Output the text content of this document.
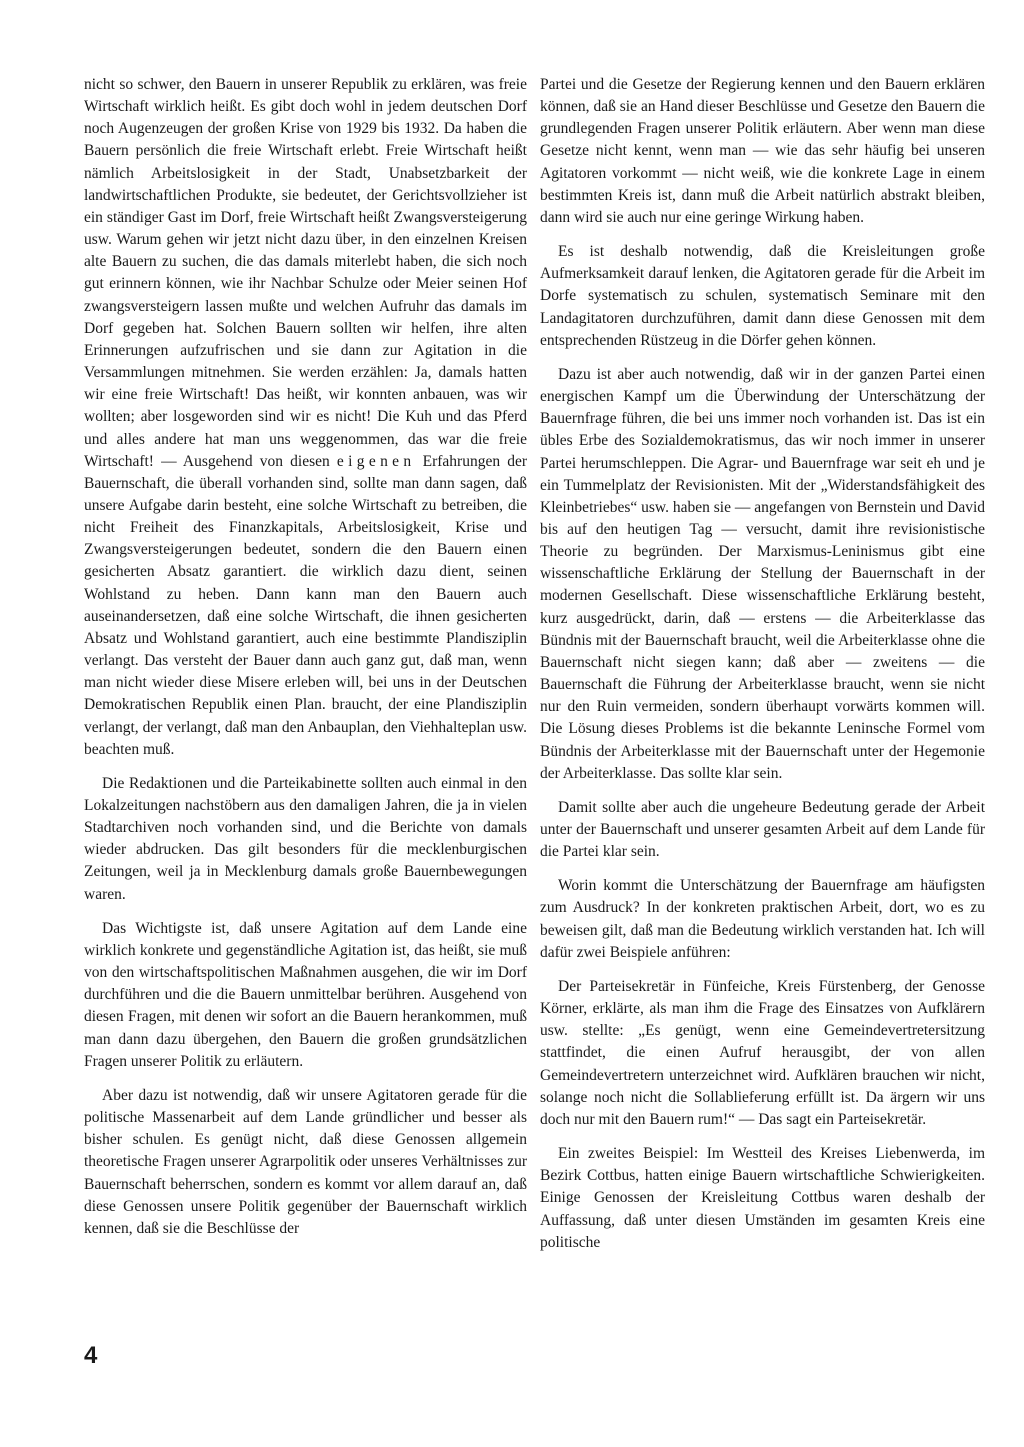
nicht so schwer, den Bauern in unserer Republik zu erklären, was freie Wirtschaft wirklich heißt. Es gibt doch wohl in jedem deutschen Dorf noch Augenzeugen der großen Krise von 1929 bis 1932. Da haben die Bauern persönlich die freie Wirtschaft erlebt. Freie Wirtschaft heißt nämlich Arbeitslosigkeit in der Stadt, Unabsetzbarkeit der landwirtschaftlichen Produkte, sie bedeutet, der Gerichtsvollzieher ist ein ständiger Gast im Dorf, freie Wirtschaft heißt Zwangsversteigerung usw. Warum gehen wir jetzt nicht dazu über, in den einzelnen Kreisen alte Bauern zu suchen, die das damals miterlebt haben, die sich noch gut erinnern können, wie ihr Nachbar Schulze oder Meier seinen Hof zwangsversteigern lassen mußte und welchen Aufruhr das damals im Dorf gegeben hat. Solchen Bauern sollten wir helfen, ihre alten Erinnerungen aufzufrischen und sie dann zur Agitation in die Versammlungen mitnehmen. Sie werden erzählen: Ja, damals hatten wir eine freie Wirtschaft! Das heißt, wir konnten anbauen, was wir wollten; aber losgeworden sind wir es nicht! Die Kuh und das Pferd und alles andere hat man uns weggenommen, das war die freie Wirtschaft! — Ausgehend von diesen eigenen Erfahrungen der Bauernschaft, die überall vorhanden sind, sollte man dann sagen, daß unsere Aufgabe darin besteht, eine solche Wirtschaft zu betreiben, die nicht Freiheit des Finanzkapitals, Arbeitslosigkeit, Krise und Zwangsversteigerungen bedeutet, sondern die den Bauern einen gesicherten Absatz garantiert. die wirklich dazu dient, seinen Wohlstand zu heben. Dann kann man den Bauern auch auseinandersetzen, daß eine solche Wirtschaft, die ihnen gesicherten Absatz und Wohlstand garantiert, auch eine bestimmte Plandisziplin verlangt. Das versteht der Bauer dann auch ganz gut, daß man, wenn man nicht wieder diese Misere erleben will, bei uns in der Deutschen Demokratischen Republik einen Plan. braucht, der eine Plandisziplin verlangt, der verlangt, daß man den Anbauplan, den Viehhalteplan usw. beachten muß.

Die Redaktionen und die Parteikabinette sollten auch einmal in den Lokalzeitungen nachstöbern aus den damaligen Jahren, die ja in vielen Stadtarchiven noch vorhanden sind, und die Berichte von damals wieder abdrucken. Das gilt besonders für die mecklenburgischen Zeitungen, weil ja in Mecklenburg damals große Bauernbewegungen waren.

Das Wichtigste ist, daß unsere Agitation auf dem Lande eine wirklich konkrete und gegenständliche Agitation ist, das heißt, sie muß von den wirtschaftspolitischen Maßnahmen ausgehen, die wir im Dorf durchführen und die die Bauern unmittelbar berühren. Ausgehend von diesen Fragen, mit denen wir sofort an die Bauern herankommen, muß man dann dazu übergehen, den Bauern die großen grundsätzlichen Fragen unserer Politik zu erläutern.

Aber dazu ist notwendig, daß wir unsere Agitatoren gerade für die politische Massenarbeit auf dem Lande gründlicher und besser als bisher schulen. Es genügt nicht, daß diese Genossen allgemein theoretische Fragen unserer Agrarpolitik oder unseres Verhältnisses zur Bauernschaft beherrschen, sondern es kommt vor allem darauf an, daß diese Genossen unsere Politik gegenüber der Bauernschaft wirklich kennen, daß sie die Beschlüsse der

Partei und die Gesetze der Regierung kennen und den Bauern erklären können, daß sie an Hand dieser Beschlüsse und Gesetze den Bauern die grundlegenden Fragen unserer Politik erläutern. Aber wenn man diese Gesetze nicht kennt, wenn man — wie das sehr häufig bei unseren Agitatoren vorkommt — nicht weiß, wie die konkrete Lage in einem bestimmten Kreis ist, dann muß die Arbeit natürlich abstrakt bleiben, dann wird sie auch nur eine geringe Wirkung haben.

Es ist deshalb notwendig, daß die Kreisleitungen große Aufmerksamkeit darauf lenken, die Agitatoren gerade für die Arbeit im Dorfe systematisch zu schulen, systematisch Seminare mit den Landagitatoren durchzuführen, damit dann diese Genossen mit dem entsprechenden Rüstzeug in die Dörfer gehen können.

Dazu ist aber auch notwendig, daß wir in der ganzen Partei einen energischen Kampf um die Überwindung der Unterschätzung der Bauernfrage führen, die bei uns immer noch vorhanden ist. Das ist ein übles Erbe des Sozialdemokratismus, das wir noch immer in unserer Partei herumschleppen. Die Agrar- und Bauernfrage war seit eh und je ein Tummelplatz der Revisionisten. Mit der „Widerstandsfähigkeit des Kleinbetriebes“ usw. haben sie — angefangen von Bernstein und David bis auf den heutigen Tag — versucht, damit ihre revisionistische Theorie zu begründen. Der Marxismus-Leninismus gibt eine wissenschaftliche Erklärung der Stellung der Bauernschaft in der modernen Gesellschaft. Diese wissenschaftliche Erklärung besteht, kurz ausgedrückt, darin, daß — erstens — die Arbeiterklasse das Bündnis mit der Bauernschaft braucht, weil die Arbeiterklasse ohne die Bauernschaft nicht siegen kann; daß aber — zweitens — die Bauernschaft die Führung der Arbeiterklasse braucht, wenn sie nicht nur den Ruin vermeiden, sondern überhaupt vorwärts kommen will. Die Lösung dieses Problems ist die bekannte Leninsche Formel vom Bündnis der Arbeiterklasse mit der Bauernschaft unter der Hegemonie der Arbeiterklasse. Das sollte klar sein.

Damit sollte aber auch die ungeheure Bedeutung gerade der Arbeit unter der Bauernschaft und unserer gesamten Arbeit auf dem Lande für die Partei klar sein.

Worin kommt die Unterschätzung der Bauernfrage am häufigsten zum Ausdruck? In der konkreten praktischen Arbeit, dort, wo es zu beweisen gilt, daß man die Bedeutung wirklich verstanden hat. Ich will dafür zwei Beispiele anführen:

Der Parteisekretär in Fünfeiche, Kreis Fürstenberg, der Genosse Körner, erklärte, als man ihm die Frage des Einsatzes von Aufklärern usw. stellte: „Es genügt, wenn eine Gemeindevertretersitzung stattfindet, die einen Aufruf herausgibt, der von allen Gemeindevertretern unterzeichnet wird. Aufklären brauchen wir nicht, solange noch nicht die Sollablieferung erfüllt ist. Da ärgern wir uns doch nur mit den Bauern rum!“ — Das sagt ein Parteisekretär.

Ein zweites Beispiel: Im Westteil des Kreises Liebenwerda, im Bezirk Cottbus, hatten einige Bauern wirtschaftliche Schwierigkeiten. Einige Genossen der Kreisleitung Cottbus waren deshalb der Auffassung, daß unter diesen Umständen im gesamten Kreis eine politische

4
